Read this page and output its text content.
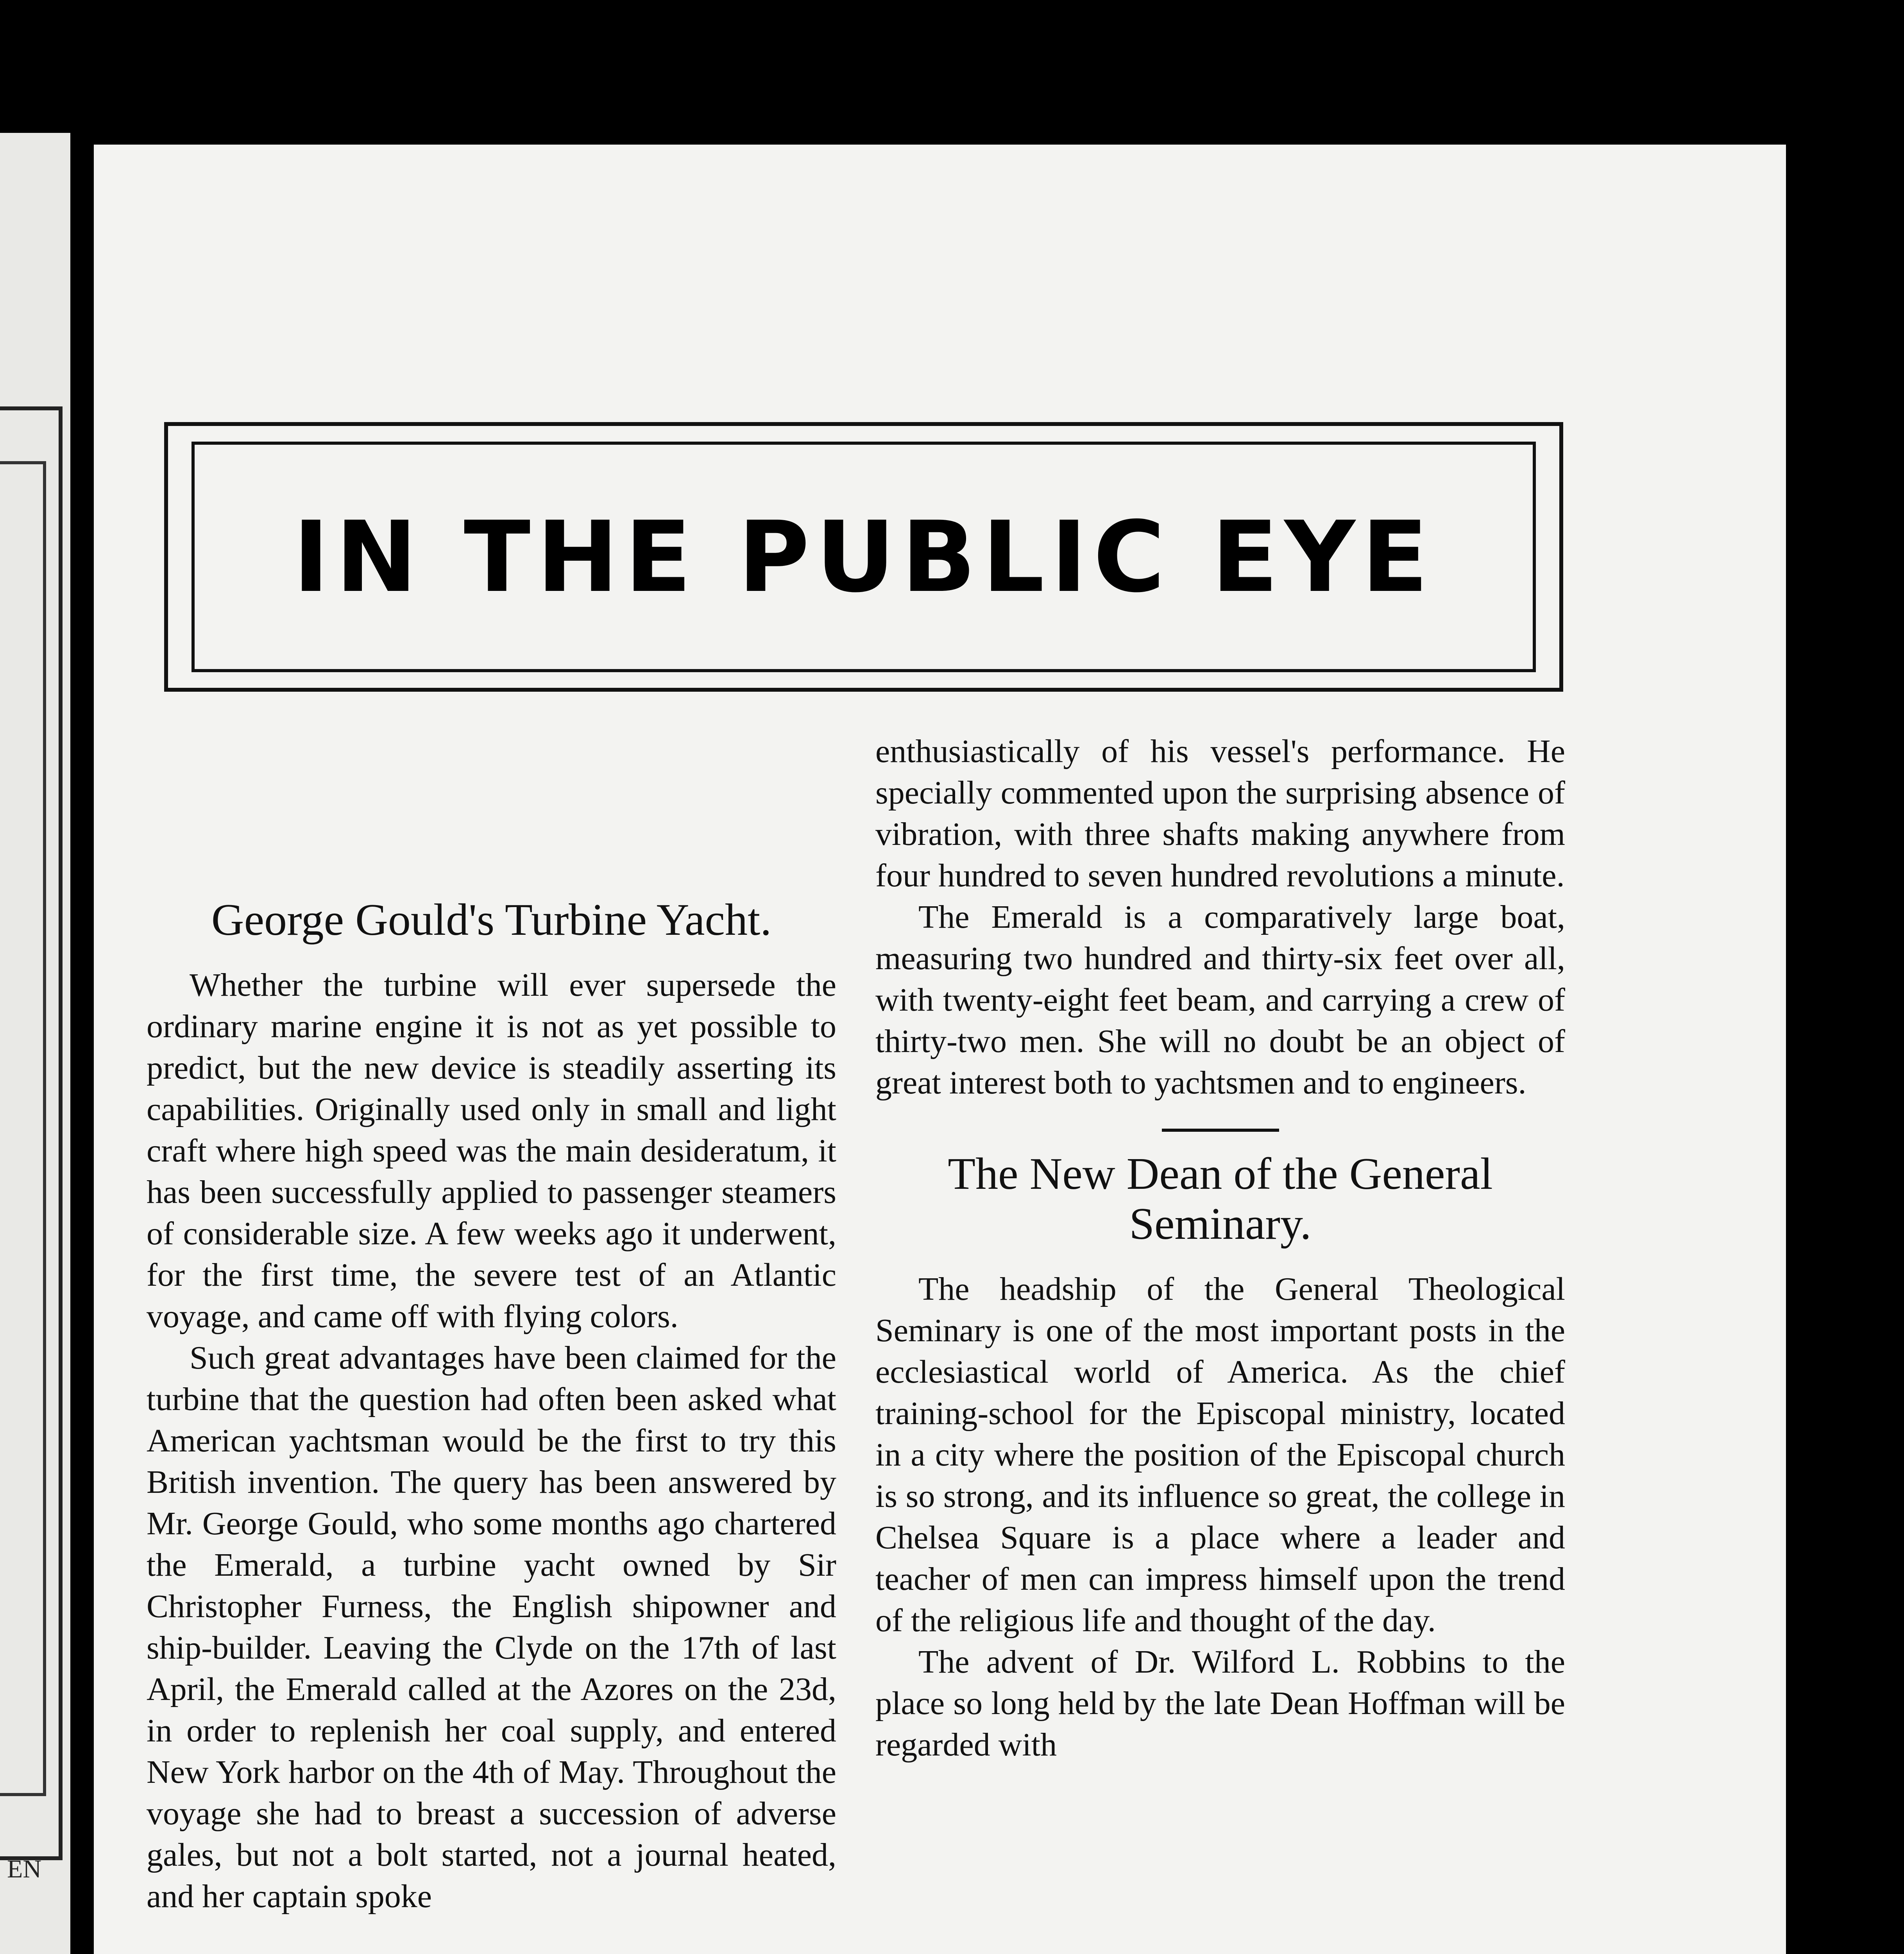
EN
IN THE PUBLIC EYE
George Gould's Turbine Yacht.

Whether the turbine will ever supersede the ordinary marine engine it is not as yet possible to predict, but the new device is steadily asserting its capabilities. Originally used only in small and light craft where high speed was the main desideratum, it has been successfully applied to passenger steamers of considerable size. A few weeks ago it underwent, for the first time, the severe test of an Atlantic voyage, and came off with flying colors.

Such great advantages have been claimed for the turbine that the question had often been asked what American yachtsman would be the first to try this British invention. The query has been answered by Mr. George Gould, who some months ago chartered the Emerald, a turbine yacht owned by Sir Christopher Furness, the English shipowner and ship-builder. Leaving the Clyde on the 17th of last April, the Emerald called at the Azores on the 23d, in order to replenish her coal supply, and entered New York harbor on the 4th of May. Throughout the voyage she had to breast a succession of adverse gales, but not a bolt started, not a journal heated, and her captain spoke

enthusiastically of his vessel's performance. He specially commented upon the surprising absence of vibration, with three shafts making anywhere from four hundred to seven hundred revolutions a minute.

The Emerald is a comparatively large boat, measuring two hundred and thirty-six feet over all, with twenty-eight feet beam, and carrying a crew of thirty-two men. She will no doubt be an object of great interest both to yachtsmen and to engineers.

The New Dean of the General Seminary.

The headship of the General Theological Seminary is one of the most important posts in the ecclesiastical world of America. As the chief training-school for the Episcopal ministry, located in a city where the position of the Episcopal church is so strong, and its influence so great, the college in Chelsea Square is a place where a leader and teacher of men can impress himself upon the trend of the religious life and thought of the day.

The advent of Dr. Wilford L. Robbins to the place so long held by the late Dean Hoffman will be regarded with
